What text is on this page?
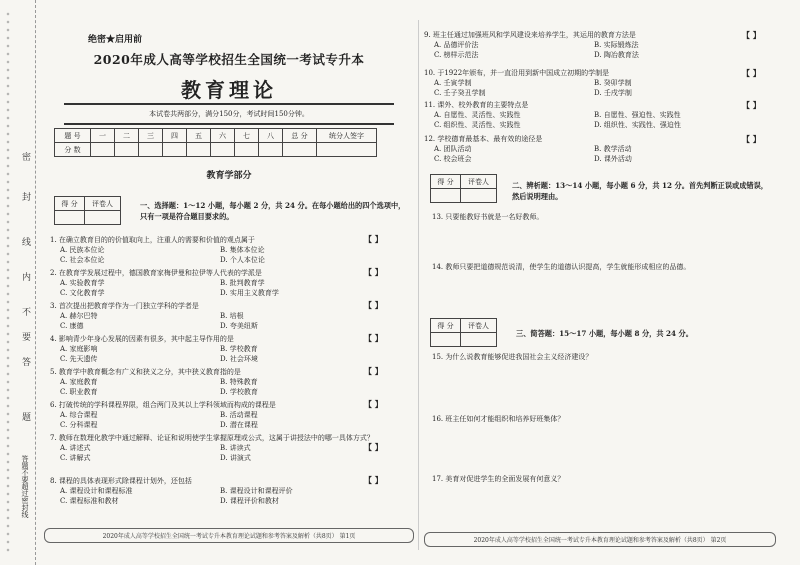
密
封
线
内
不
要
答
题
答题不要超过密封线
绝密★启用前
2020年成人高等学校招生全国统一考试专升本
教育理论
本试卷共两部分，满分150分，考试时间150分钟。
题 号	一	二	三	四	五	六	七	八	总 分	统分人签字
分 数										
教育学部分
得 分	评卷人
		一、选择题：1～12 小题，每小题 2 分，共 24 分。在每小题给出的四个选项中，只有一项是符合题目要求的。
1. 在确立教育目的的价值取向上，注重人的需要和价值的观点属于
A. 民族本位论	B. 集体本位论 C. 社会本位论	D. 个人本位论
2. 在教育学发展过程中，德国教育家梅伊曼和拉伊等人代表的学派是
A. 实验教育学	B. 批判教育学 C. 文化教育学	D. 实用主义教育学
3. 首次提出把教育学作为一门独立学科的学者是
A. 赫尔巴特	B. 培根 C. 康德	D. 夸美纽斯
4. 影响青少年身心发展的因素有很多，其中起主导作用的是
A. 家庭影响	B. 学校教育 C. 先天遗传	D. 社会环境
5. 教育学中教育概念有广义和狭义之分，其中狭义教育指的是
A. 家庭教育	B. 特殊教育 C. 职业教育	D. 学校教育
6. 打破传统的学科课程界限，组合两门及其以上学科领域而构成的课程是
A. 综合课程	B. 活动课程 C. 分科课程	D. 潜在课程
7. 教师在数理化教学中通过解释、论证和说明使学生掌握原理或公式，这属于讲授法中的哪一具体方式？
A. 讲述式	B. 讲读式 C. 讲解式	D. 讲演式
8. 课程的具体表现形式除课程计划外，还包括
A. 课程设计和课程标准	B. 课程设计和课程评价 C. 课程标准和教材	D. 课程评价和教材
【 】
【 】
【 】
【 】
【 】
【 】
【 】
【 】
2020年成人高等学校招生全国统一考试专升本教育理论试题和参考答案及解析（共8页） 第1页
9. 班主任通过加强班风和学风建设来培养学生，其运用的教育方法是
A. 品德评价法	B. 实际锻炼法 C. 榜样示范法	D. 陶冶教育法
10. 于1922年颁布，并一直沿用到新中国成立初期的学制是
A. 壬寅学制	B. 癸卯学制 C. 壬子癸丑学制	D. 壬戌学制
11. 课外、校外教育的主要特点是
A. 自愿性、灵活性、实践性	B. 自愿性、强迫性、实践性 C. 组织性、灵活性、实践性	D. 组织性、实践性、强迫性
12. 学校德育最基本、最有效的途径是
A. 团队活动	B. 教学活动 C. 校会班会	D. 课外活动
【 】
【 】
【 】
【 】
得 分	评卷人
		二、辨析题：13～14 小题，每小题 6 分，共 12 分。首先判断正误或成错误，然后说明理由。
13. 只要能教好书就是一名好教师。
14. 教师只要把道德规范说清，使学生的道德认识提高，学生就能形成相应的品德。
得 分	评卷人

三、简答题：15～17 小题，每小题 8 分，共 24 分。
15. 为什么说教育能够促进我国社会主义经济建设？
16. 班主任如何才能组织和培养好班集体？
17. 美育对促进学生的全面发展有何意义？
2020年成人高等学校招生全国统一考试专升本教育理论试题和参考答案及解析（共8页） 第2页
